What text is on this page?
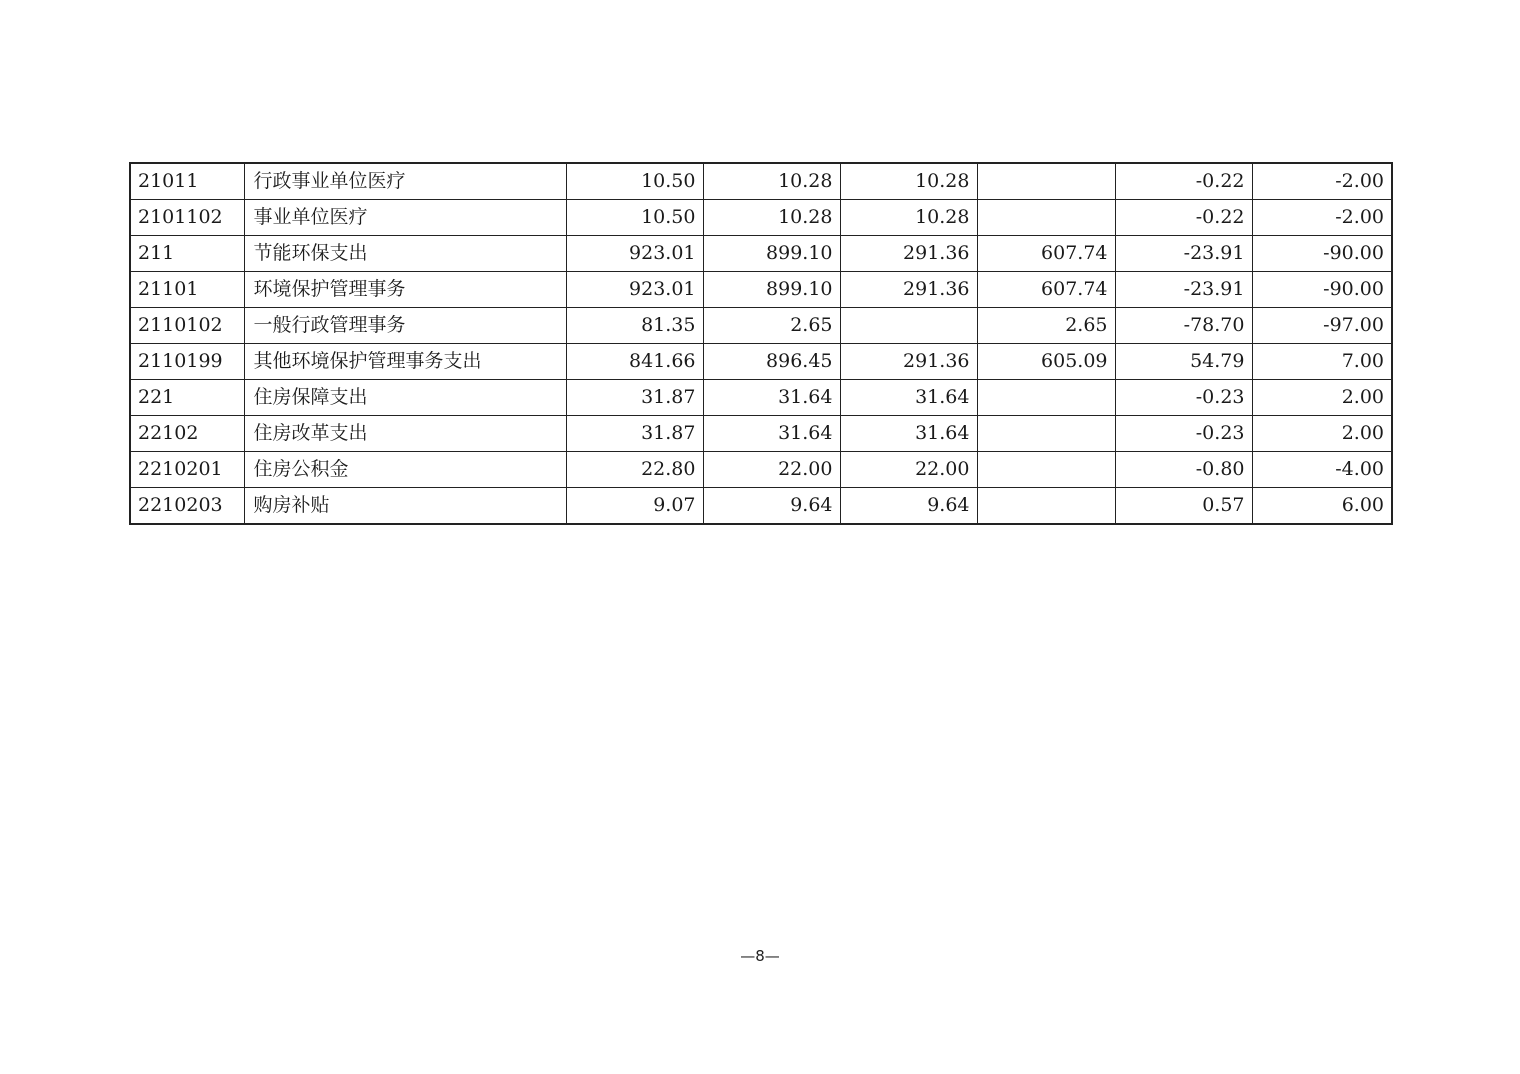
21011	行政事业单位医疗	10.50	10.28	10.28		-0.22	-2.00
2101102	事业单位医疗	10.50	10.28	10.28		-0.22	-2.00
211	节能环保支出	923.01	899.10	291.36	607.74	-23.91	-90.00
21101	环境保护管理事务	923.01	899.10	291.36	607.74	-23.91	-90.00
2110102	一般行政管理事务	81.35	2.65		2.65	-78.70	-97.00
2110199	其他环境保护管理事务支出	841.66	896.45	291.36	605.09	54.79	7.00
221	住房保障支出	31.87	31.64	31.64		-0.23	2.00
22102	住房改革支出	31.87	31.64	31.64		-0.23	2.00
2210201	住房公积金	22.80	22.00	22.00		-0.80	-4.00
2210203	购房补贴	9.07	9.64	9.64		0.57	6.00
—8—
